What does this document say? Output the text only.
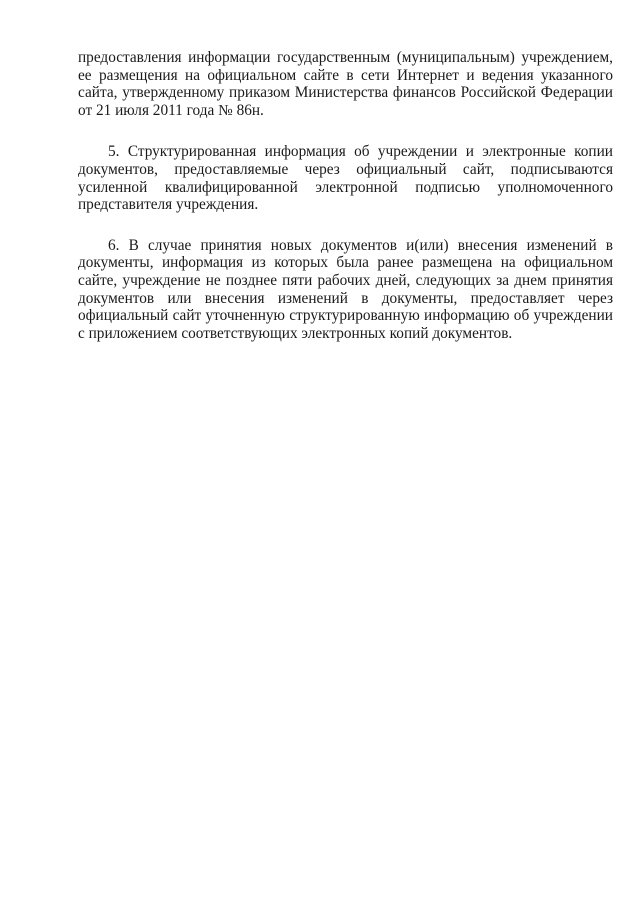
предоставления информации государственным (муниципальным) учреждением, ее размещения на официальном сайте в сети Интернет и ведения указанного сайта, утвержденному приказом Министерства финансов Российской Федерации от 21 июля 2011 года № 86н.

5. Структурированная информация об учреждении и электронные копии документов, предоставляемые через официальный сайт, подписываются усиленной квалифицированной электронной подписью уполномоченного представителя учреждения.

6. В случае принятия новых документов и(или) внесения изменений в документы, информация из которых была ранее размещена на официальном сайте, учреждение не позднее пяти рабочих дней, следующих за днем принятия документов или внесения изменений в документы, предоставляет через официальный сайт уточненную структурированную информацию об учреждении с приложением соответствующих электронных копий документов.
